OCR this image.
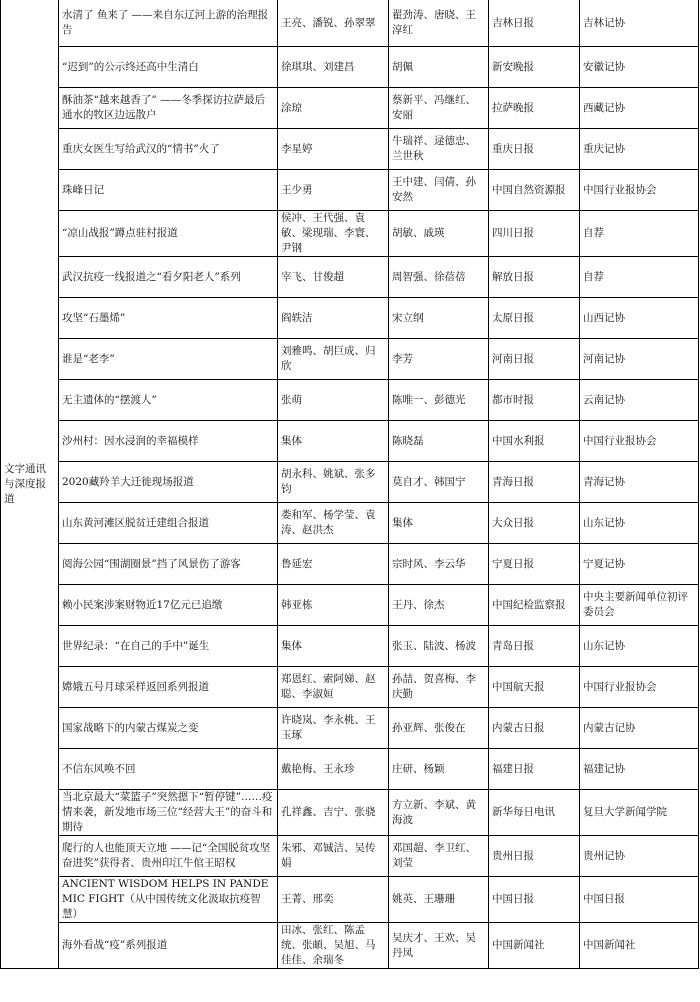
文字通讯与深度报道	水清了 鱼来了 ——来自东辽河上游的治理报告	王亮、潘锐、孙翠翠	翟劲涛、唐晓、王淳红	吉林日报	吉林记协
	“迟到”的公示终还高中生清白	徐琪琪、刘建昌	胡佩	新安晚报	安徽记协
	酥油茶“越来越香了” ——冬季探访拉萨最后通水的牧区边远散户	涂琼	蔡新平、冯继红、安丽	拉萨晚报	西藏记协
	重庆女医生写给武汉的“情书”火了	李星婷	牛瑞祥、逯德忠、兰世秋	重庆日报	重庆记协
	珠峰日记	王少勇	王中建、闫倩、孙安然	中国自然资源报	中国行业报协会
	“凉山战报”蹲点驻村报道	侯冲、王代强、袁敏、梁现瑞、李寰、尹钢	胡敏、戚瑛	四川日报	自荐
	武汉抗疫一线报道之“看夕阳老人”系列	宰飞、甘俊超	周智强、徐蓓蓓	解放日报	自荐
	攻坚“石墨烯”	阎轶洁	宋立纲	太原日报	山西记协
	谁是“老李”	刘雅鸣、胡巨成、归欣	李芳	河南日报	河南记协
	无主遗体的“摆渡人”	张萌	陈唯一、彭德光	都市时报	云南记协
	沙州村：因水浸润的幸福模样	集体	陈晓磊	中国水利报	中国行业报协会
	2020藏羚羊大迁徙现场报道	胡永科、姚斌、张多钧	莫自才、韩国宁	青海日报	青海记协
	山东黄河滩区脱贫迁建组合报道	娄和军、杨学莹、袁涛、赵洪杰	集体	大众日报	山东记协
	阅海公园“围湖圈景”挡了风景伤了游客	鲁延宏	宗时风、李云华	宁夏日报	宁夏记协
	赖小民案涉案财物近17亿元已追缴	韩亚栋	王丹、徐杰	中国纪检监察报	中央主要新闻单位初评委员会
	世界纪录：“在自己的手中”诞生	集体	张玉、陆波、杨波	青岛日报	山东记协
	嫦娥五号月球采样返回系列报道	郑恩红、索阿娣、赵聪、李淑姮	孙喆、贺喜梅、李庆勤	中国航天报	中国行业报协会
	国家战略下的内蒙古煤炭之变	许晓岚、李永桃、王玉琢	孙亚辉、张俊在	内蒙古日报	内蒙古记协
	不信东风唤不回	戴艳梅、王永珍	庄研、杨颖	福建日报	福建记协
	当北京最大“菜篮子”突然摁下“暂停键”……疫情来袭，新发地市场三位“经营大王”的奋斗和期待	孔祥鑫、吉宁、张骁	方立新、李斌、黄海波	新华每日电讯	复旦大学新闻学院
	爬行的人也能顶天立地 ——记“全国脱贫攻坚奋进奖”获得者、贵州印江牛倌王昭权	朱邪、邓铖洁、吴传娟	邓国超、李卫红、刘莹	贵州日报	贵州记协
	ANCIENT WISDOM HELPS IN PANDEMIC FIGHT（从中国传统文化汲取抗疫智慧）	王菁、邢奕	姚英、王珊珊	中国日报	中国日报
	海外看战“疫”系列报道	田冰、张红、陈孟统、张頔、吴旭、马佳佳、余瑞冬	吴庆才、王欢、吴丹凤	中国新闻社	中国新闻社
